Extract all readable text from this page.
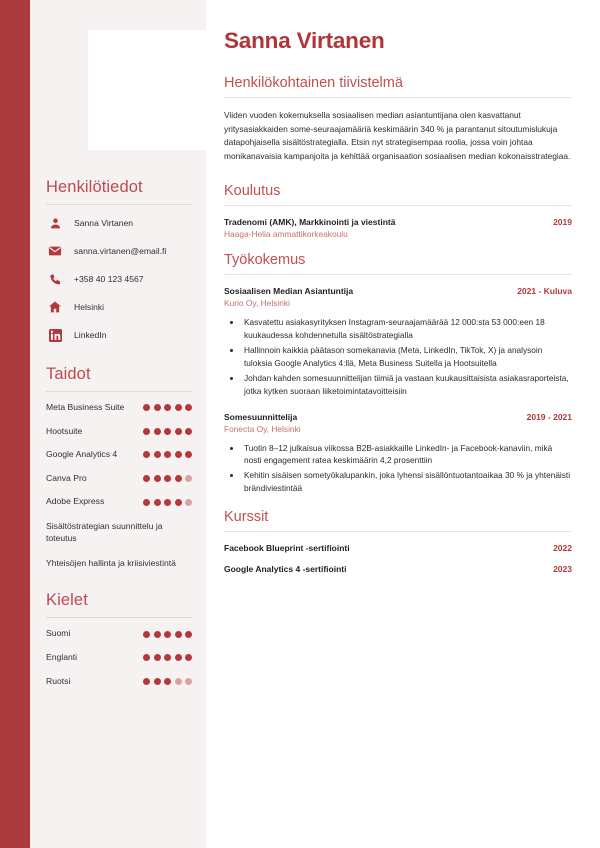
Henkilötiedot
Sanna Virtanen
sanna.virtanen@email.fi
+358 40 123 4567
Helsinki
LinkedIn
Taidot
Meta Business Suite
Hootsuite
Google Analytics 4
Canva Pro
Adobe Express
Sisältöstrategian suunnittelu ja toteutus
Yhteisöjen hallinta ja kriisiviestintä
Kielet
Suomi
Englanti
Ruotsi
Sanna Virtanen
Henkilökohtainen tiivistelmä

Viiden vuoden kokemuksella sosiaalisen median asiantuntijana olen kasvattanut yritysasiakkaiden some-seuraajamääriä keskimäärin 340 % ja parantanut sitoutumislukuja datapohjaisella sisältöstrategialla. Etsin nyt strategisempaa roolia, jossa voin johtaa monikanavaisia kampanjoita ja kehittää organisaation sosiaalisen median kokonaisstrategiaa.

Koulutus
Tradenomi (AMK), Markkinointi ja viestintä	2019
Haaga-Helia ammattikorkeakoulu
Työkokemus
Sosiaalisen Median Asiantuntija	2021 - Kuluva
Kurio Oy, Helsinki
• Kasvatettu asiakasyrityksen Instagram-seuraajamäärää 12 000:sta 53 000:een 18 kuukaudessa kohdennetulla sisältöstrategialla
• Hallinnoin kaikkia päätason somekanavia (Meta, LinkedIn, TikTok, X) ja analysoin tuloksia Google Analytics 4:llä, Meta Business Suitella ja Hootsuitella
• Johdan kahden somesuunnittelijan tiimiä ja vastaan kuukausittaisista asiakasraporteista, jotka kytken suoraan liiketoimintatavoitteisiin
Somesuunnittelija	2019 - 2021
Fonecta Oy, Helsinki
• Tuotin 8–12 julkaisua viikossa B2B-asiakkaille LinkedIn- ja Facebook-kanaviin, mikä nosti engagement ratea keskimäärin 4,2 prosenttiin
• Kehitin sisäisen sometyökalupankin, joka lyhensi sisällöntuotantoaikaa 30 % ja yhtenäisti brändiviestintää
Kurssit
Facebook Blueprint -sertifiointi	2022
Google Analytics 4 -sertifiointi	2023
